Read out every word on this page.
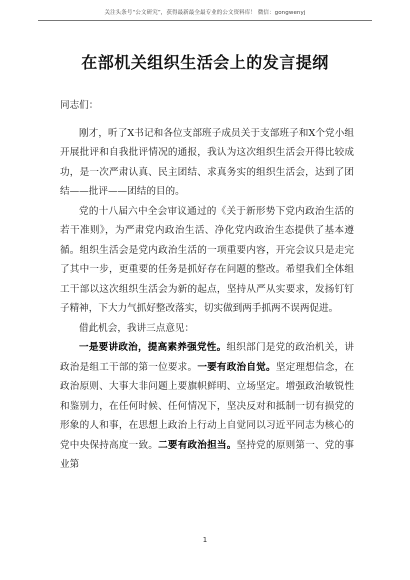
关注头条号“公文研究”，获得最新最全最专业的公文资料库！ 微信：gongwenyj
在部机关组织生活会上的发言提纲

同志们：

刚才，听了X书记和各位支部班子成员关于支部班子和X个党小组开展批评和自我批评情况的通报，我认为这次组织生活会开得比较成功，是一次严肃认真、民主团结、求真务实的组织生活会，达到了团结——批评——团结的目的。

党的十八届六中全会审议通过的《关于新形势下党内政治生活的若干准则》，为严肃党内政治生活、净化党内政治生态提供了基本遵循。组织生活会是党内政治生活的一项重要内容，开完会议只是走完了其中一步，更重要的任务是抓好存在问题的整改。希望我们全体组工干部以这次组织生活会为新的起点，坚持从严从实要求，发扬钉钉子精神，下大力气抓好整改落实，切实做到两手抓两不误两促进。

借此机会，我讲三点意见：

一是要讲政治，提高素养强党性。组织部门是党的政治机关，讲政治是组工干部的第一位要求。一要有政治自觉。坚定理想信念，在政治原则、大事大非问题上要旗帜鲜明、立场坚定。增强政治敏锐性和鉴别力，在任何时候、任何情况下，坚决反对和抵制一切有损党的形象的人和事，在思想上政治上行动上自觉同以习近平同志为核心的党中央保持高度一致。二要有政治担当。坚持党的原则第一、党的事业第

1
